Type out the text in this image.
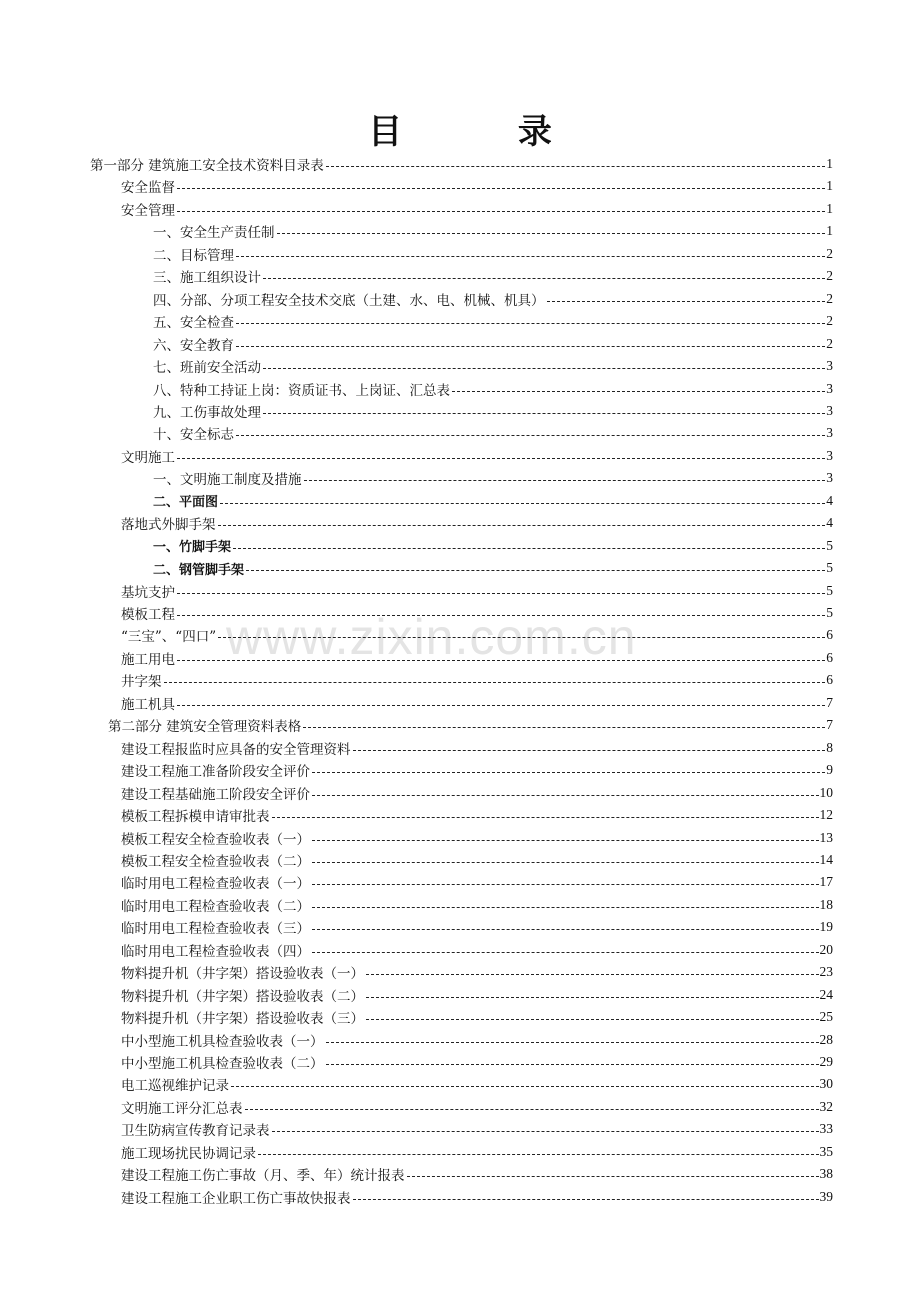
目 录
www.zixin.com.cn
第一部分 建筑施工安全技术资料目录表	1
安全监督	1
安全管理	1
一、安全生产责任制	1
二、目标管理	2
三、施工组织设计	2
四、分部、分项工程安全技术交底（土建、水、电、机械、机具）	2
五、安全检查	2
六、安全教育	2
七、班前安全活动	3
八、特种工持证上岗：资质证书、上岗证、汇总表	3
九、工伤事故处理	3
十、安全标志	3
文明施工	3
一、文明施工制度及措施	3
二、平面图	4
落地式外脚手架	4
一、竹脚手架	5
二、钢管脚手架	5
基坑支护	5
模板工程	5
“三宝”、“四口”	6
施工用电	6
井字架	6
施工机具	7
第二部分 建筑安全管理资料表格	7
建设工程报监时应具备的安全管理资料	8
建设工程施工准备阶段安全评价	9
建设工程基础施工阶段安全评价	10
模板工程拆模申请审批表	12
模板工程安全检查验收表（一）	13
模板工程安全检查验收表（二）	14
临时用电工程检查验收表（一）	17
临时用电工程检查验收表（二）	18
临时用电工程检查验收表（三）	19
临时用电工程检查验收表（四）	20
物料提升机（井字架）搭设验收表（一）	23
物料提升机（井字架）搭设验收表（二）	24
物料提升机（井字架）搭设验收表（三）	25
中小型施工机具检查验收表（一）	28
中小型施工机具检查验收表（二）	29
电工巡视维护记录	30
文明施工评分汇总表	32
卫生防病宣传教育记录表	33
施工现场扰民协调记录	35
建设工程施工伤亡事故（月、季、年）统计报表	38
建设工程施工企业职工伤亡事故快报表	39
